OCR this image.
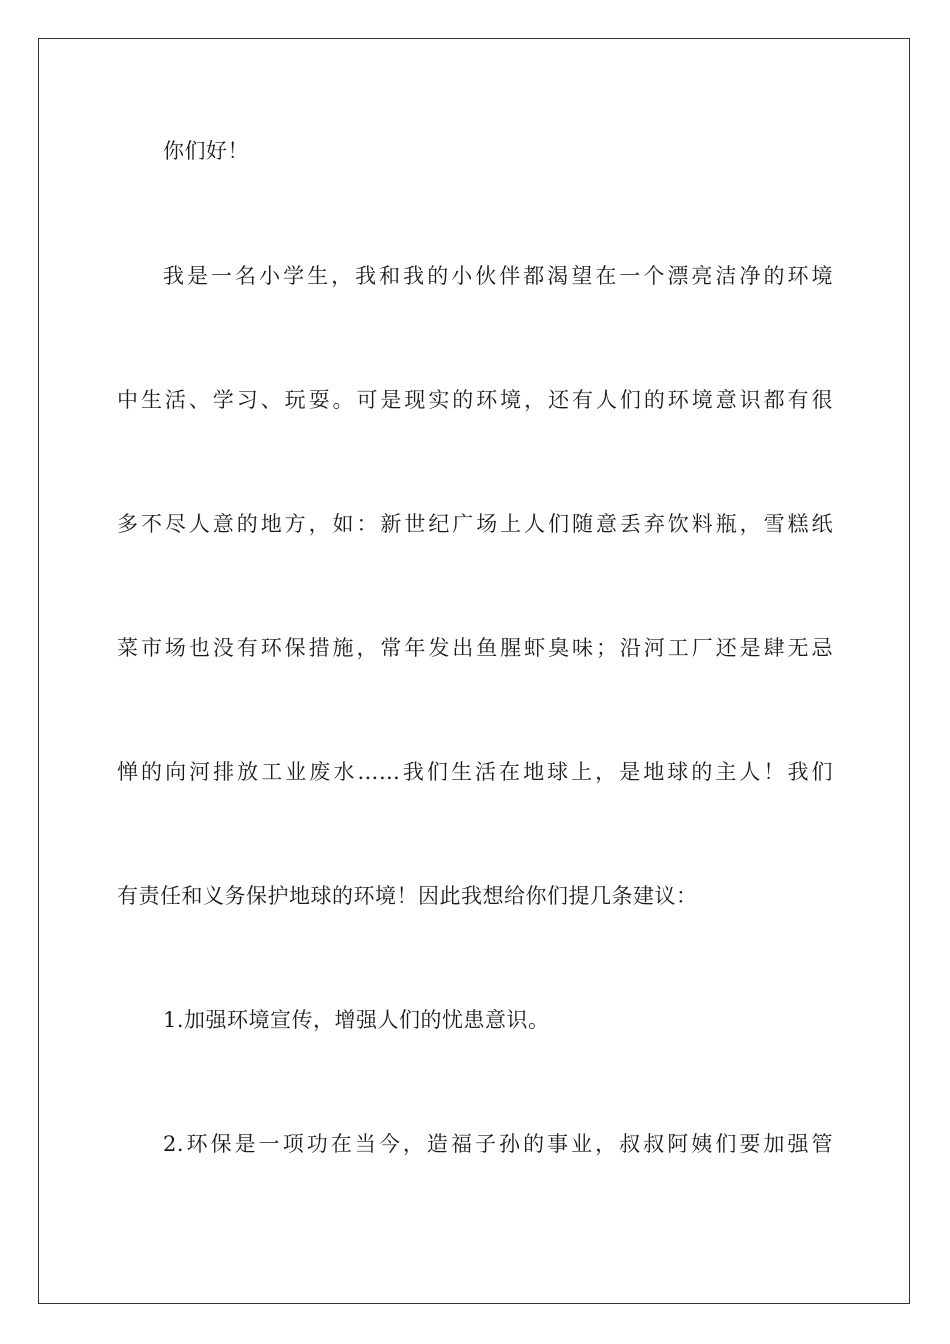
你们好！
我是一名小学生，我和我的小伙伴都渴望在一个漂亮洁净的环境
中生活、学习、玩耍。可是现实的环境，还有人们的环境意识都有很
多不尽人意的地方，如：新世纪广场上人们随意丢弃饮料瓶，雪糕纸
菜市场也没有环保措施，常年发出鱼腥虾臭味；沿河工厂还是肆无忌
惮的向河排放工业废水……我们生活在地球上，是地球的主人！我们
有责任和义务保护地球的环境！因此我想给你们提几条建议：
1.加强环境宣传，增强人们的忧患意识。
2.环保是一项功在当今，造福子孙的事业，叔叔阿姨们要加强管
